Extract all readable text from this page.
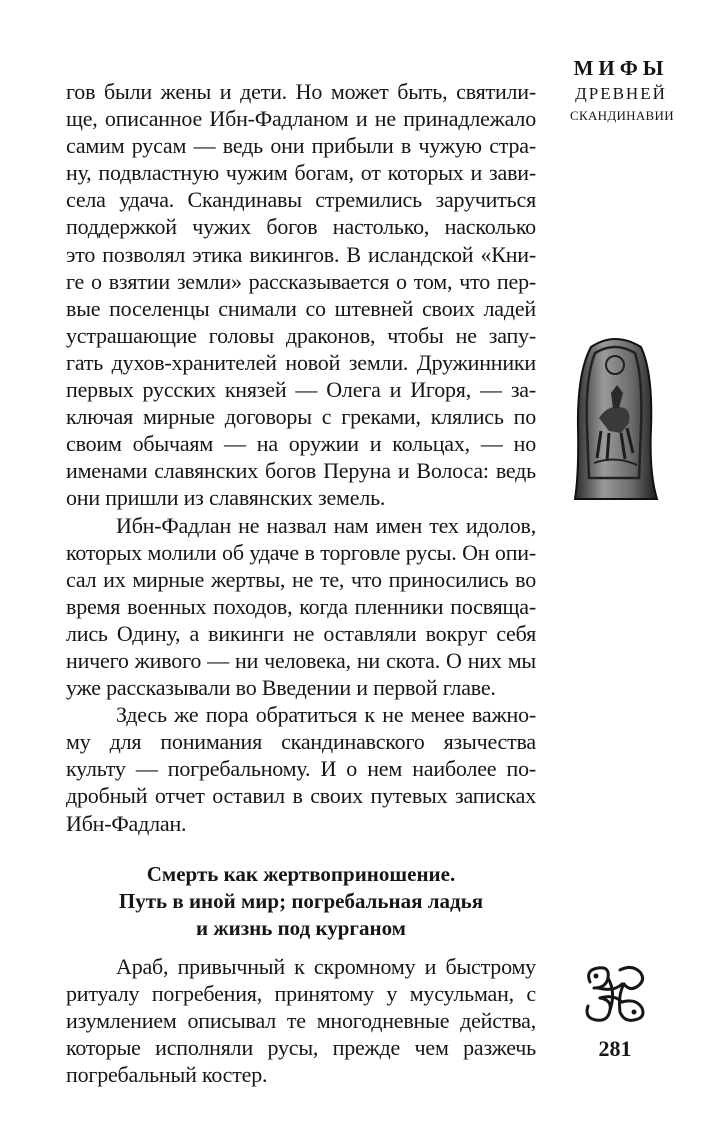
МИФЫ
ДРЕВНЕЙ
СКАНДИНАВИИ
гов были жены и дети. Но может быть, святили-
ще, описанное Ибн-Фадланом и не принадлежало
самим русам — ведь они прибыли в чужую стра-
ну, подвластную чужим богам, от которых и зави-
села удача. Скандинавы стремились заручиться
поддержкой чужих богов настолько, насколько
это позволял этика викингов. В исландской «Кни-
ге о взятии земли» рассказывается о том, что пер-
вые поселенцы снимали со штевней своих ладей
устрашающие головы драконов, чтобы не запу-
гать духов-хранителей новой земли. Дружинники
первых русских князей — Олега и Игоря, — за-
ключая мирные договоры с греками, клялись по
своим обычаям — на оружии и кольцах, — но
именами славянских богов Перуна и Волоса: ведь
они пришли из славянских земель.
Ибн-Фадлан не назвал нам имен тех идолов,
которых молили об удаче в торговле русы. Он опи-
сал их мирные жертвы, не те, что приносились во
время военных походов, когда пленники посвяща-
лись Одину, а викинги не оставляли вокруг себя
ничего живого — ни человека, ни скота. О них мы
уже рассказывали во Введении и первой главе.
Здесь же пора обратиться к не менее важно-
му для понимания скандинавского язычества
культу — погребальному. И о нем наиболее по-
дробный отчет оставил в своих путевых записках
Ибн-Фадлан.
Смерть как жертвоприношение.
Путь в иной мир; погребальная ладья
и жизнь под курганом
Араб, привычный к скромному и быстрому
ритуалу погребения, принятому у мусульман, с
изумлением описывал те многодневные действа,
которые исполняли русы, прежде чем разжечь
погребальный костер.
281
